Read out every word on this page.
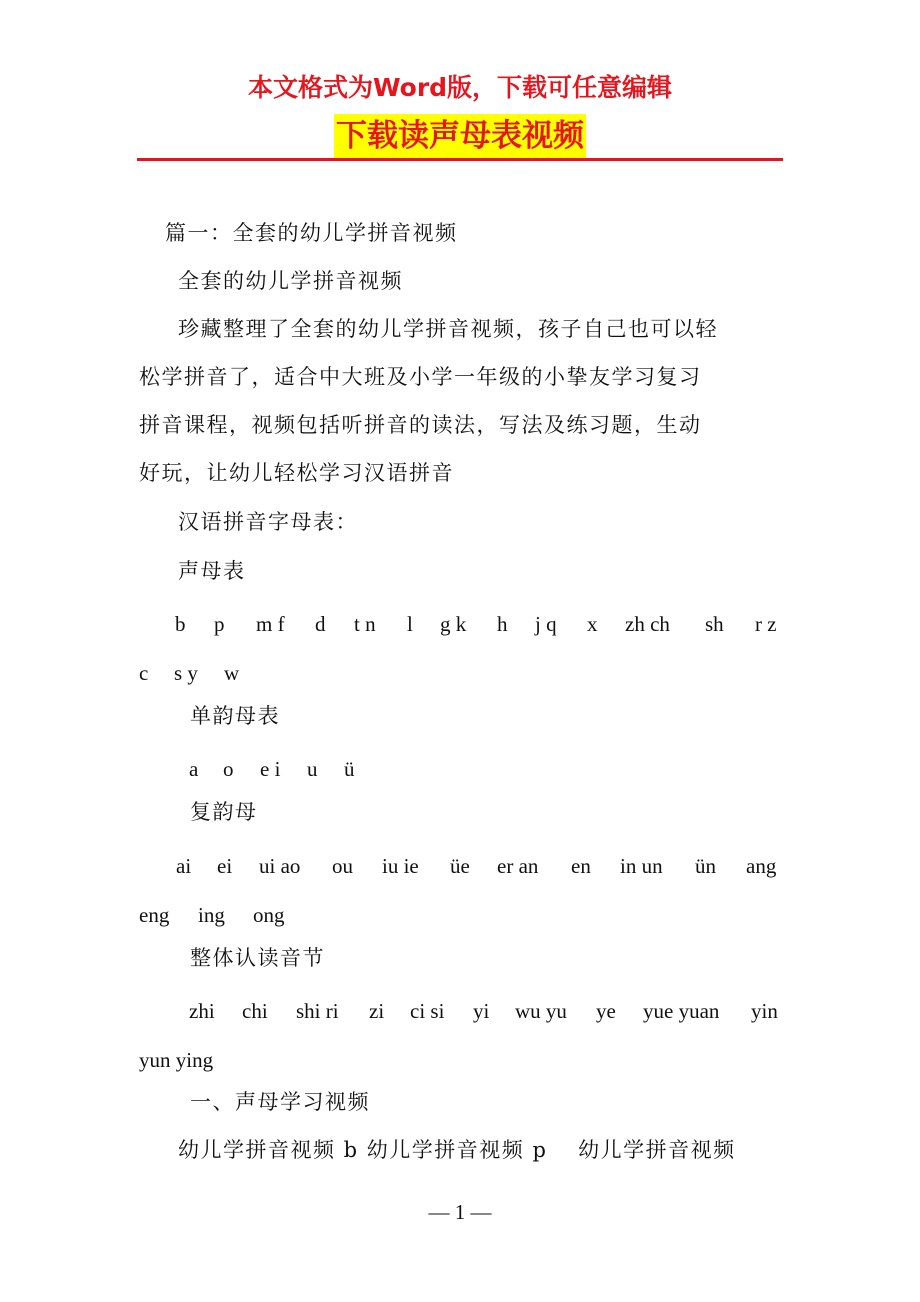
本文格式为Word版，下载可任意编辑
下载读声母表视频
篇一：全套的幼儿学拼音视频
全套的幼儿学拼音视频
珍藏整理了全套的幼儿学拼音视频，孩子自己也可以轻
松学拼音了，适合中大班及小学一年级的小挚友学习复习
拼音课程，视频包括听拼音的读法，写法及练习题，生动
好玩，让幼儿轻松学习汉语拼音
汉语拼音字母表：
声母表
b p m f d t n l g k h j q x zh ch sh r z
c s y w
单韵母表
a o e i u ü
复韵母
ai ei ui ao ou iu ie üe er an en in un ün ang
eng ing ong
整体认读音节
zhi chi shi ri zi ci si yi wu yu ye yue yuan yin
yun ying
一、声母学习视频
幼儿学拼音视频 b 幼儿学拼音视频 p　 幼儿学拼音视频
— 1 —
